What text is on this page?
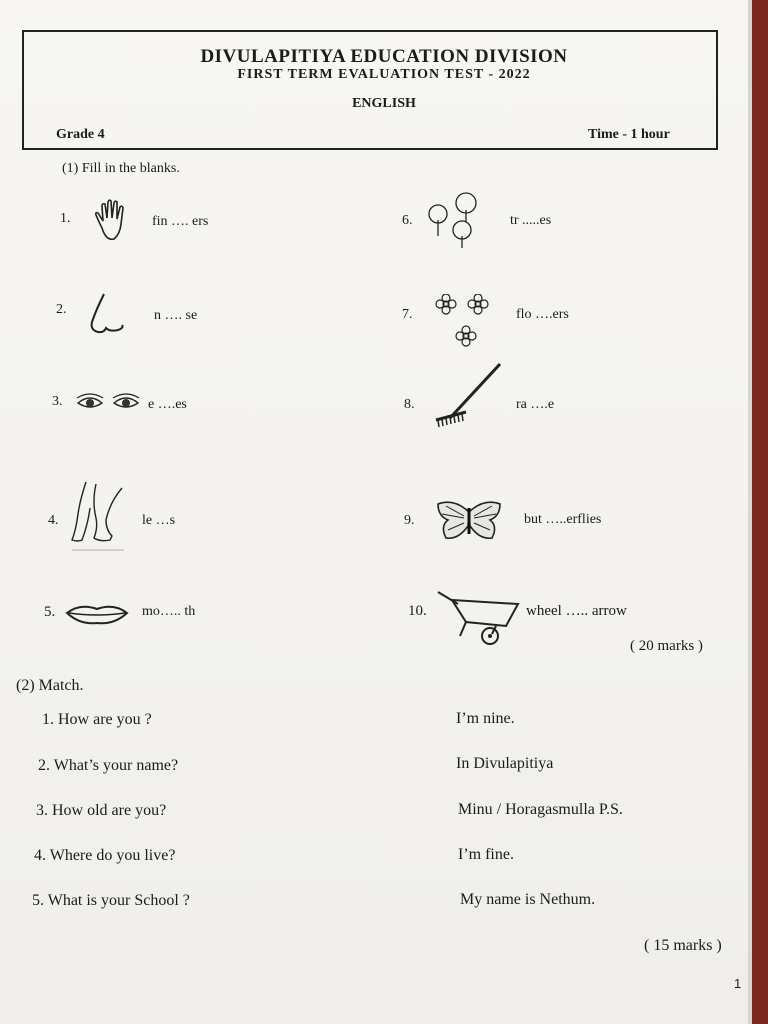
DIVULAPITIYA EDUCATION DIVISION
FIRST TERM EVALUATION TEST - 2022
ENGLISH
Grade 4	Time - 1 hour
(1) Fill in the blanks.
1.	fin …. ers
2.	n …. se
3.	e ….es
4.	le …s
5.	mo….. th
6.	tr .....es
7.	flo ….ers
8.	ra ….e
9.	but …..erflies
10.	wheel ….. arrow
( 20 marks )
(2) Match.
1. How are you ?
2. What’s your name?
3. How old are you?
4. Where do you live?
5. What is your School ?
I’m nine.
In Divulapitiya
Minu / Horagasmulla P.S.
I’m fine.
My name is Nethum.
( 15 marks )
1
